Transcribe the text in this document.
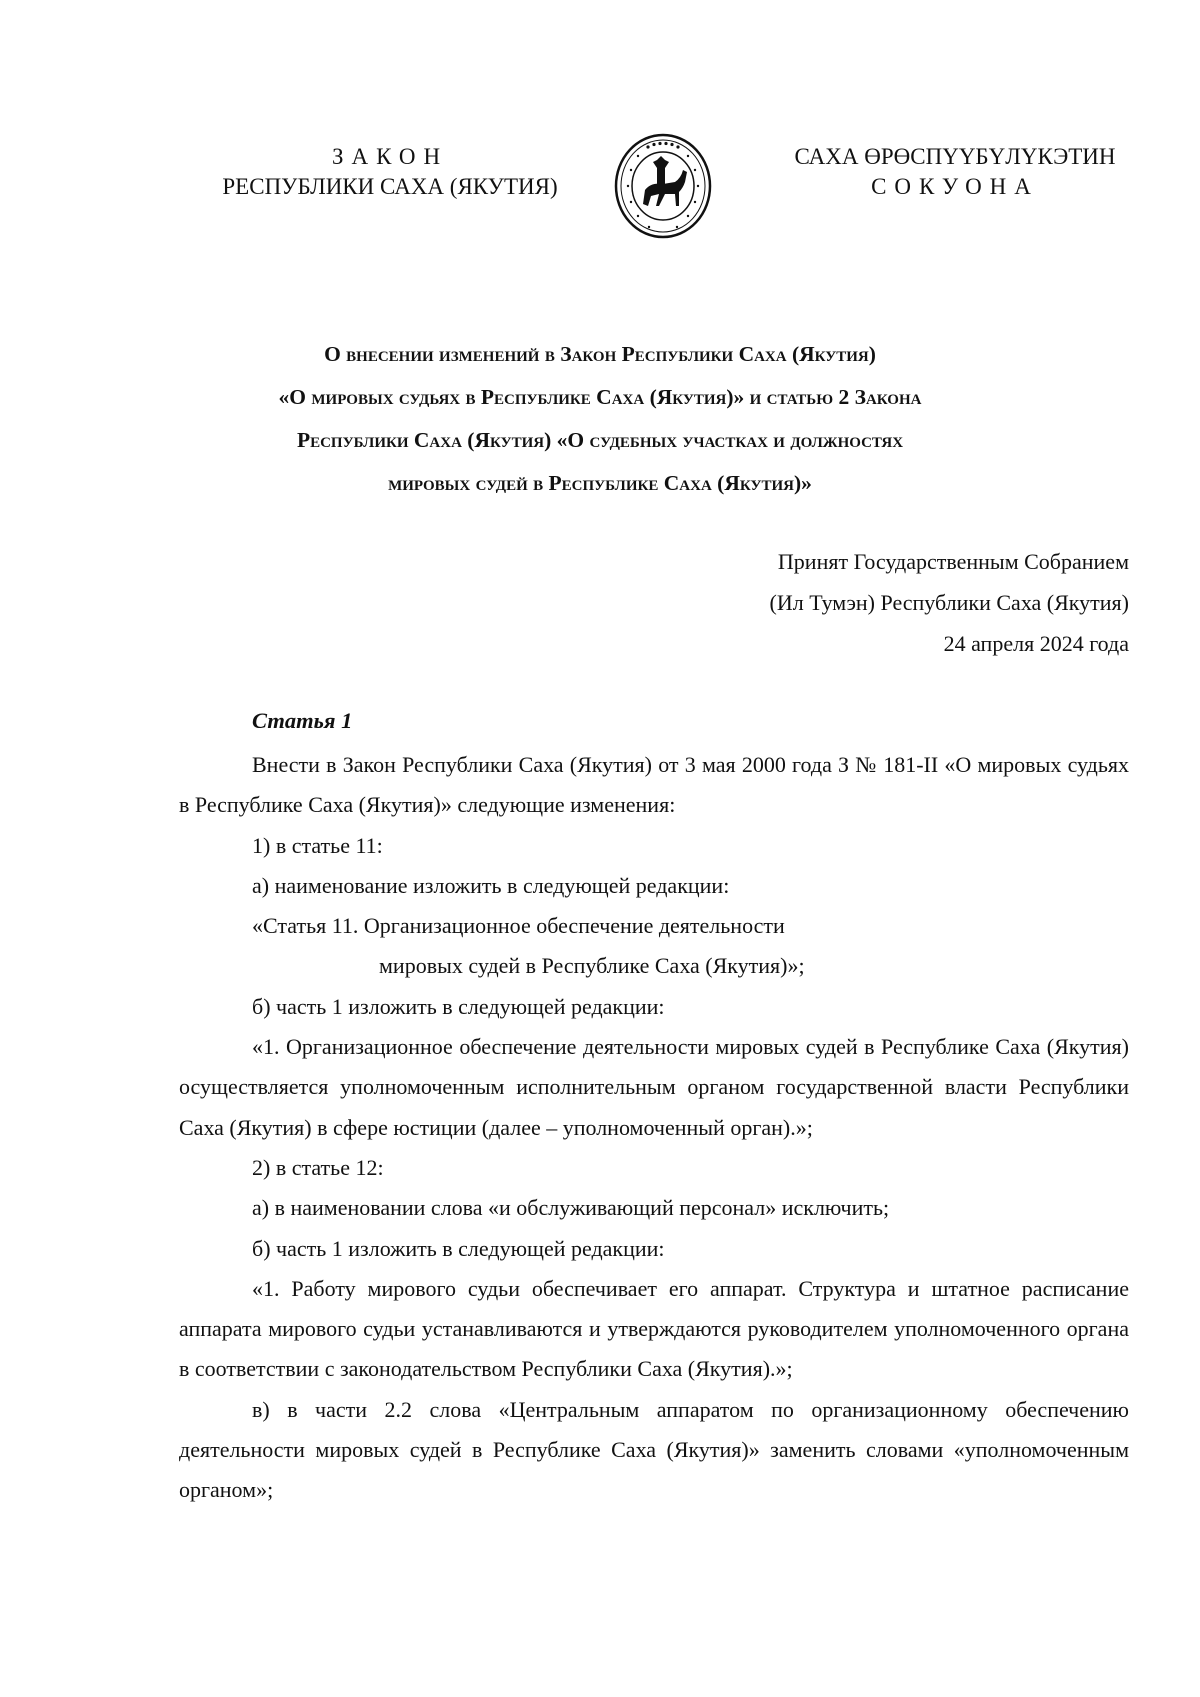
ЗАКОН
РЕСПУБЛИКИ САХА (ЯКУТИЯ)
САХА ӨРӨСПҮҮБҮЛҮКЭТИН
СОКУОНА
О внесении изменений в Закон Республики Саха (Якутия)
«О мировых судьях в Республике Саха (Якутия)» и статью 2 Закона
Республики Саха (Якутия) «О судебных участках и должностях
мировых судей в Республике Саха (Якутия)»
Принят Государственным Собранием
(Ил Тумэн) Республики Саха (Якутия)
24 апреля 2024 года
Статья 1

Внести в Закон Республики Саха (Якутия) от 3 мая 2000 года З № 181-II «О мировых судьях в Республике Саха (Якутия)» следующие изменения:

1) в статье 11:

а) наименование изложить в следующей редакции:

«Статья 11. Организационное обеспечение деятельности

мировых судей в Республике Саха (Якутия)»;

б) часть 1 изложить в следующей редакции:

«1. Организационное обеспечение деятельности мировых судей в Республике Саха (Якутия) осуществляется уполномоченным исполнительным органом государственной власти Республики Саха (Якутия) в сфере юстиции (далее – уполномоченный орган).»;

2) в статье 12:

а) в наименовании слова «и обслуживающий персонал» исключить;

б) часть 1 изложить в следующей редакции:

«1. Работу мирового судьи обеспечивает его аппарат. Структура и штатное расписание аппарата мирового судьи устанавливаются и утверждаются руководителем уполномоченного органа в соответствии с законодательством Республики Саха (Якутия).»;

в) в части 2.2 слова «Центральным аппаратом по организационному обеспечению деятельности мировых судей в Республике Саха (Якутия)» заменить словами «уполномоченным органом»;
